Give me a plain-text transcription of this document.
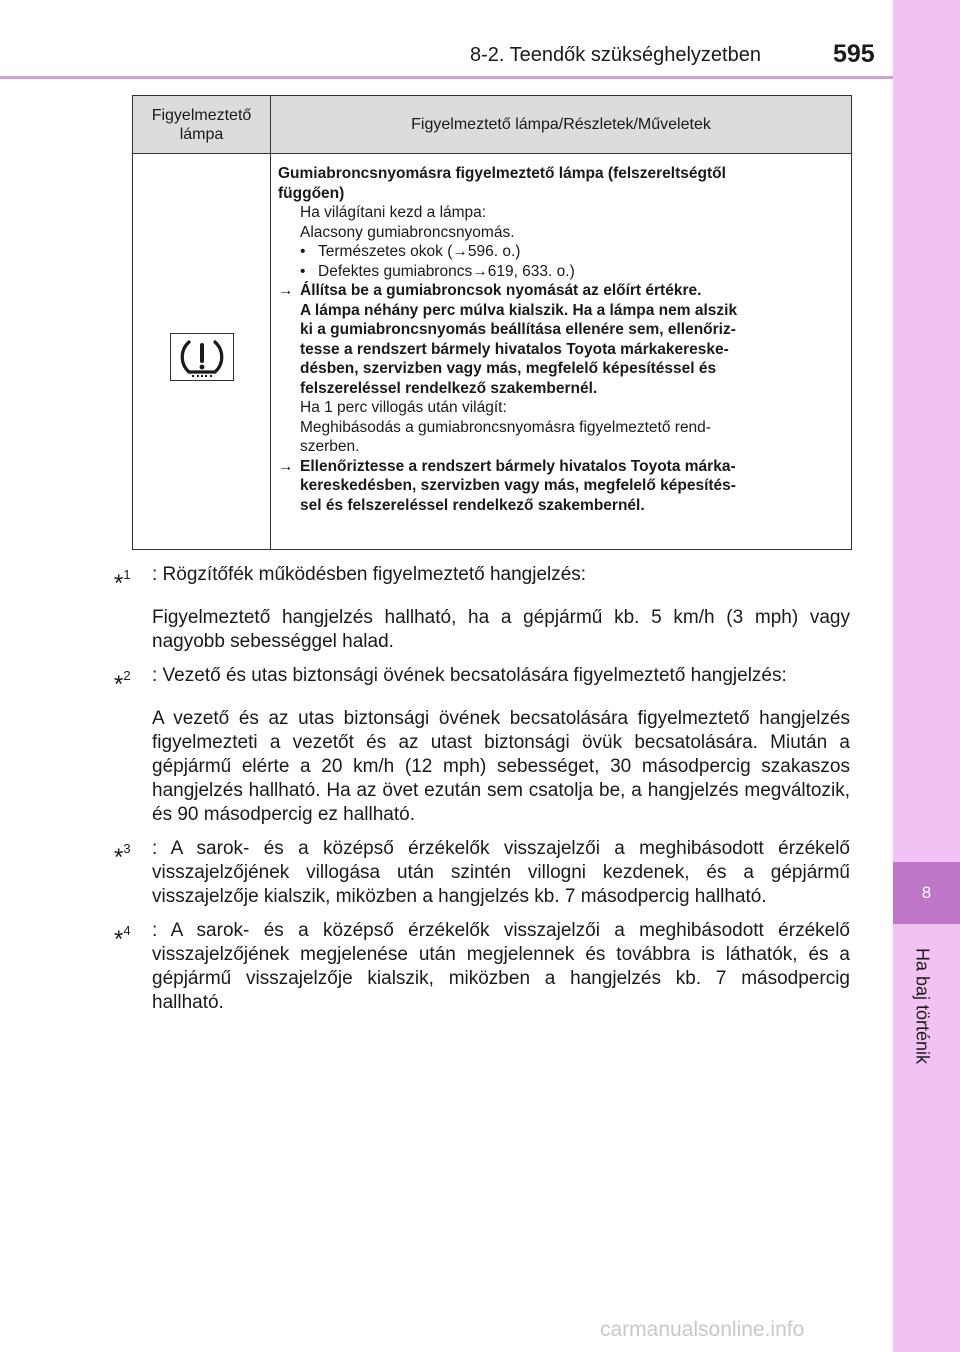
8-2. Teendők szükséghelyzetben	595
8
Ha baj történik
Figyelmeztető
lámpa
Figyelmeztető lámpa/Részletek/Műveletek
Gumiabroncsnyomásra figyelmeztető lámpa (felszereltségtől
függően)
Ha világítani kezd a lámpa:
Alacsony gumiabroncsnyomás.
• Természetes okok (→596. o.)
• Defektes gumiabroncs→619, 633. o.)
→ Állítsa be a gumiabroncsok nyomását az előírt értékre.
A lámpa néhány perc múlva kialszik. Ha a lámpa nem alszik
ki a gumiabroncsnyomás beállítása ellenére sem, ellenőriz-
tesse a rendszert bármely hivatalos Toyota márkakereske-
désben, szervizben vagy más, megfelelő képesítéssel és
felszereléssel rendelkező szakembernél.
Ha 1 perc villogás után világít:
Meghibásodás a gumiabroncsnyomásra figyelmeztető rend-
szerben.
→ Ellenőriztesse a rendszert bármely hivatalos Toyota márka-
kereskedésben, szervizben vagy más, megfelelő képesítés-
sel és felszereléssel rendelkező szakembernél.
*$^1$	: Rögzítőfék működésben figyelmeztető hangjelzés:
Figyelmeztető hangjelzés hallható, ha a gépjármű kb. 5 km/h (3 mph) vagy nagyobb sebességgel halad.
*$^2$	: Vezető és utas biztonsági övének becsatolására figyelmeztető hangjelzés:
A vezető és az utas biztonsági övének becsatolására figyelmeztető hangjelzés figyelmezteti a vezetőt és az utast biztonsági övük becsatolására. Miután a gépjármű elérte a 20 km/h (12 mph) sebességet, 30 másodpercig szakaszos hangjelzés hallható. Ha az övet ezután sem csatolja be, a hangjelzés megváltozik, és 90 másodpercig ez hallható.
*$^3$	: A sarok- és a középső érzékelők visszajelzői a meghibásodott érzékelő visszajelzőjének villogása után szintén villogni kezdenek, és a gépjármű visszajelzője kialszik, miközben a hangjelzés kb. 7 másodpercig hallható.
*$^4$	: A sarok- és a középső érzékelők visszajelzői a meghibásodott érzékelő visszajelzőjének megjelenése után megjelennek és továbbra is láthatók, és a gépjármű visszajelzője kialszik, miközben a hangjelzés kb. 7 másodpercig hallható.
carmanualsonline.info
